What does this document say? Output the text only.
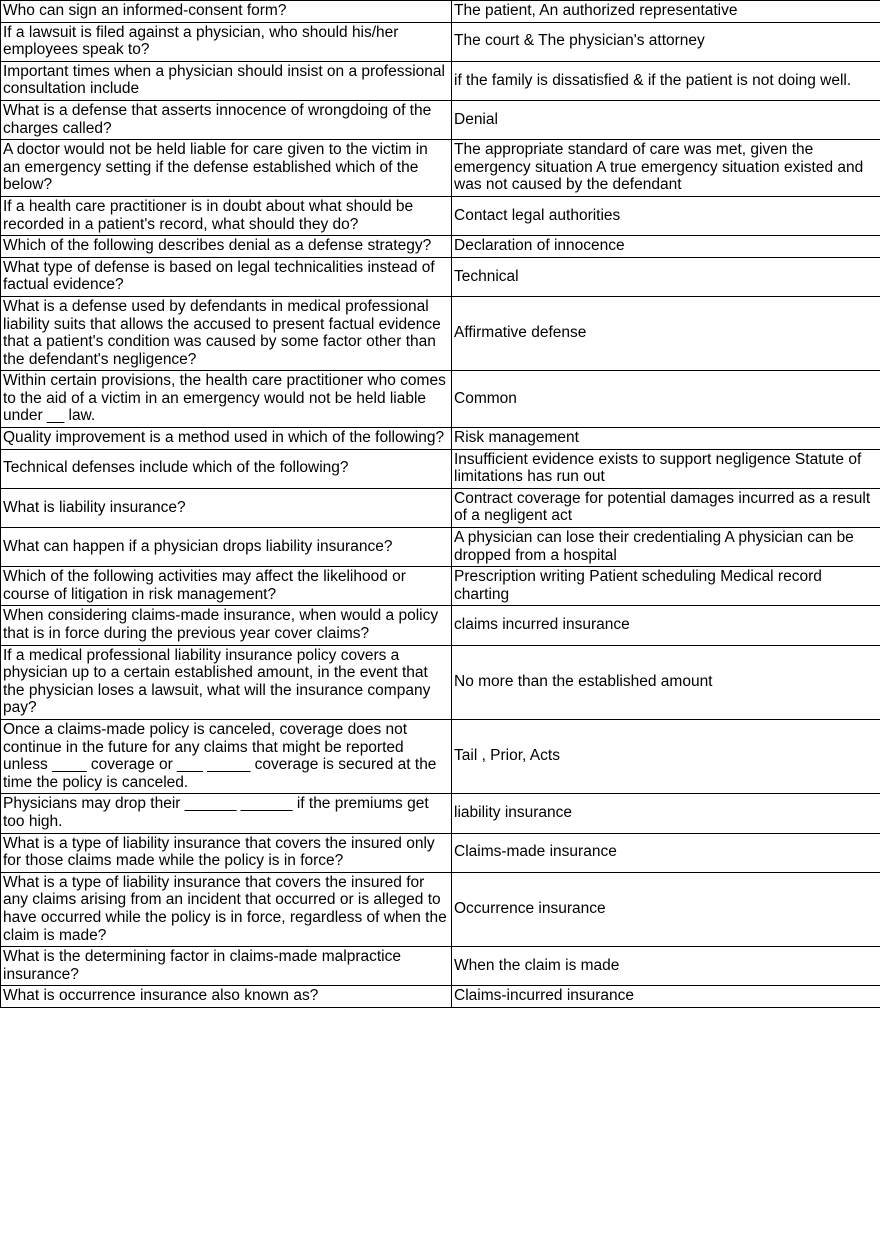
Who can sign an informed-consent form?	The patient, An authorized representative
If a lawsuit is filed against a physician, who should his/her employees speak to?	The court & The physician's attorney
Important times when a physician should insist on a professional consultation include	if the family is dissatisfied & if the patient is not doing well.
What is a defense that asserts innocence of wrongdoing of the charges called?	Denial
A doctor would not be held liable for care given to the victim in an emergency setting if the defense established which of the below?	The appropriate standard of care was met, given the emergency situation A true emergency situation existed and was not caused by the defendant
If a health care practitioner is in doubt about what should be recorded in a patient's record, what should they do?	Contact legal authorities
Which of the following describes denial as a defense strategy?	Declaration of innocence
What type of defense is based on legal technicalities instead of factual evidence?	Technical
What is a defense used by defendants in medical professional liability suits that allows the accused to present factual evidence that a patient's condition was caused by some factor other than the defendant's negligence?	Affirmative defense
Within certain provisions, the health care practitioner who comes to the aid of a victim in an emergency would not be held liable under __ law.	Common
Quality improvement is a method used in which of the following?	Risk management
Technical defenses include which of the following?	Insufficient evidence exists to support negligence Statute of limitations has run out
What is liability insurance?	Contract coverage for potential damages incurred as a result of a negligent act
What can happen if a physician drops liability insurance?	A physician can lose their credentialing A physician can be dropped from a hospital
Which of the following activities may affect the likelihood or course of litigation in risk management?	Prescription writing Patient scheduling Medical record charting
When considering claims-made insurance, when would a policy that is in force during the previous year cover claims?	claims incurred insurance
If a medical professional liability insurance policy covers a physician up to a certain established amount, in the event that the physician loses a lawsuit, what will the insurance company pay?	No more than the established amount
Once a claims-made policy is canceled, coverage does not continue in the future for any claims that might be reported unless ____ coverage or ___ _____ coverage is secured at the time the policy is canceled.	Tail , Prior, Acts
Physicians may drop their ______ ______ if the premiums get too high.	liability insurance
What is a type of liability insurance that covers the insured only for those claims made while the policy is in force?	Claims-made insurance
What is a type of liability insurance that covers the insured for any claims arising from an incident that occurred or is alleged to have occurred while the policy is in force, regardless of when the claim is made?	Occurrence insurance
What is the determining factor in claims-made malpractice insurance?	When the claim is made
What is occurrence insurance also known as?	Claims-incurred insurance
